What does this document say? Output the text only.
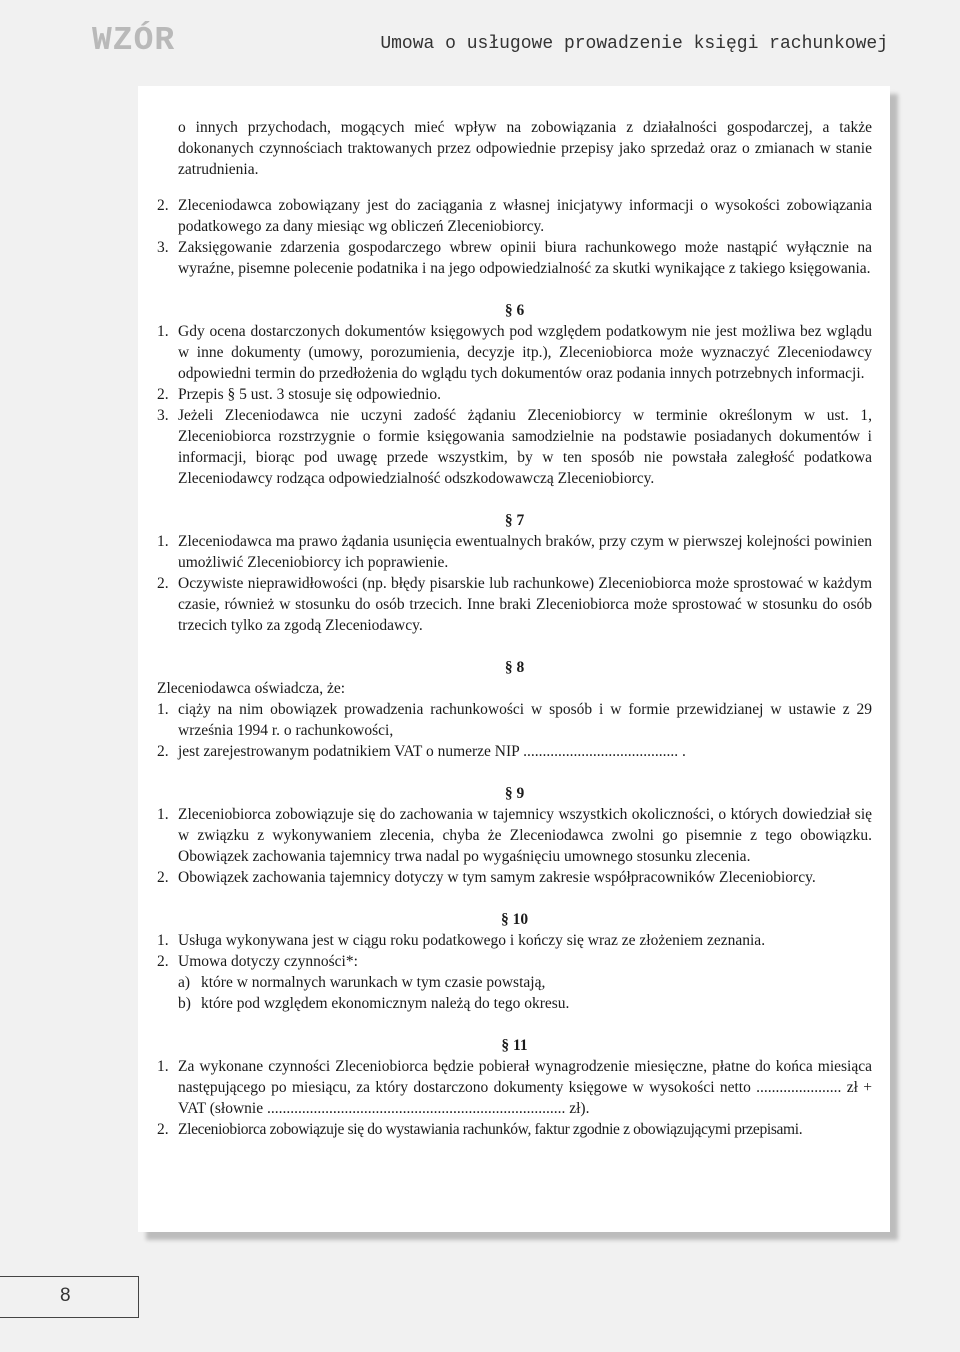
WZÓR	Umowa o usługowe prowadzenie księgi rachunkowej

o innych przychodach, mogących mieć wpływ na zobowiązania z działalności gospodarczej, a także dokonanych czynnościach traktowanych przez odpowiednie przepisy jako sprzedaż oraz o zmianach w stanie zatrudnienia.

2. Zleceniodawca zobowiązany jest do zaciągania z własnej inicjatywy informacji o wysokości zobowiązania podatkowego za dany miesiąc wg obliczeń Zleceniobiorcy.
3. Zaksięgowanie zdarzenia gospodarczego wbrew opinii biura rachunkowego może nastąpić wyłącznie na wyraźne, pisemne polecenie podatnika i na jego odpowiedzialność za skutki wynikające z takiego księgowania.

§ 6

1. Gdy ocena dostarczonych dokumentów księgowych pod względem podatkowym nie jest możliwa bez wglądu w inne dokumenty (umowy, porozumienia, decyzje itp.), Zleceniobiorca może wyznaczyć Zleceniodawcy odpowiedni termin do przedłożenia do wglądu tych dokumentów oraz podania innych potrzebnych informacji.
2. Przepis § 5 ust. 3 stosuje się odpowiednio.
3. Jeżeli Zleceniodawca nie uczyni zadość żądaniu Zleceniobiorcy w terminie określonym w ust. 1, Zleceniobiorca rozstrzygnie o formie księgowania samodzielnie na podstawie posiadanych dokumentów i informacji, biorąc pod uwagę przede wszystkim, by w ten sposób nie powstała zaległość podatkowa Zleceniodawcy rodząca odpowiedzialność odszkodowawczą Zleceniobiorcy.

§ 7

1. Zleceniodawca ma prawo żądania usunięcia ewentualnych braków, przy czym w pierwszej kolejności powinien umożliwić Zleceniobiorcy ich poprawienie.
2. Oczywiste nieprawidłowości (np. błędy pisarskie lub rachunkowe) Zleceniobiorca może sprostować w każdym czasie, również w stosunku do osób trzecich. Inne braki Zleceniobiorca może sprostować w stosunku do osób trzecich tylko za zgodą Zleceniodawcy.

§ 8

Zleceniodawca oświadcza, że:

1. ciąży na nim obowiązek prowadzenia rachunkowości w sposób i w formie przewidzianej w ustawie z 29 września 1994 r. o rachunkowości,
2. jest zarejestrowanym podatnikiem VAT o numerze NIP ........................................ .

§ 9

1. Zleceniobiorca zobowiązuje się do zachowania w tajemnicy wszystkich okoliczności, o których dowiedział się w związku z wykonywaniem zlecenia, chyba że Zleceniodawca zwolni go pisemnie z tego obowiązku. Obowiązek zachowania tajemnicy trwa nadal po wygaśnięciu umownego stosunku zlecenia.
2. Obowiązek zachowania tajemnicy dotyczy w tym samym zakresie współpracowników Zleceniobiorcy.

§ 10

1. Usługa wykonywana jest w ciągu roku podatkowego i kończy się wraz ze złożeniem zeznania.
2. Umowa dotyczy czynności*:
a) które w normalnych warunkach w tym czasie powstają,
b) które pod względem ekonomicznym należą do tego okresu.

§ 11

1. Za wykonane czynności Zleceniobiorca będzie pobierał wynagrodzenie miesięczne, płatne do końca miesiąca następującego po miesiącu, za który dostarczono dokumenty księgowe w wysokości netto ...................... zł + VAT (słownie ............................................................................. zł).
2. Zleceniobiorca zobowiązuje się do wystawiania rachunków, faktur zgodnie z obowiązującymi przepisami.
8
